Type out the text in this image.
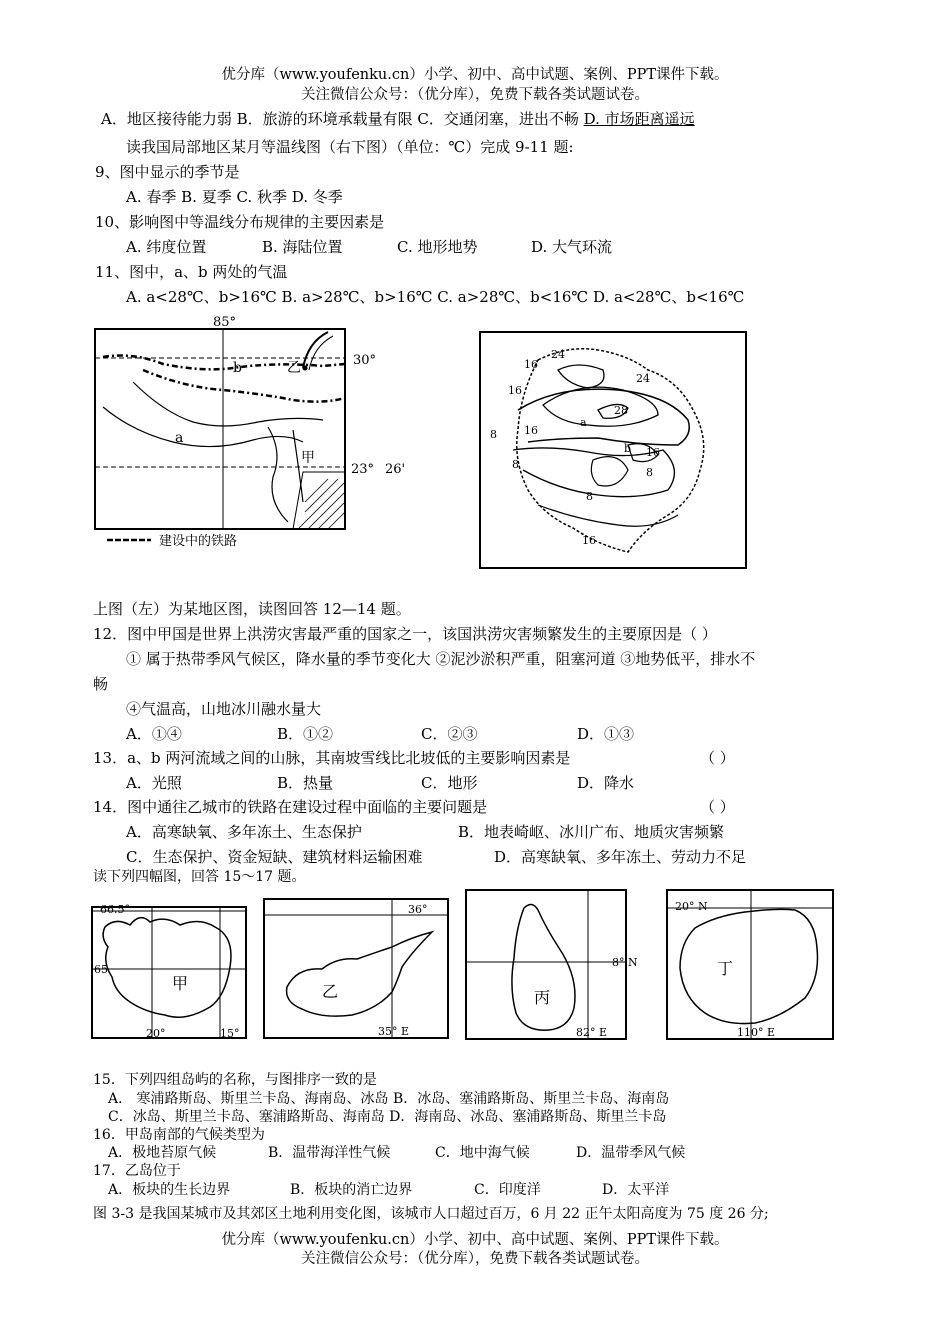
优分库（www.youfenku.cn）小学、初中、高中试题、案例、PPT课件下载。
关注微信公众号：（优分库），免费下载各类试题试卷。
A．地区接待能力弱 B．旅游的环境承载量有限 C．交通闭塞，进出不畅 D. 市场距离遥远
读我国局部地区某月等温线图（右下图）（单位：℃）完成 9-11 题:
9、图中显示的季节是
A. 春季 B. 夏季 C. 秋季 D. 冬季
10、影响图中等温线分布规律的主要因素是
A. 纬度位置	B. 海陆位置	C. 地形地势	D. 大气环流
11、图中，a、b 两处的气温
A. a<28℃、b>16℃ B. a>28℃、b>16℃ C. a>28℃、b<16℃ D. a<28℃、b<16℃
85°
30°
23° 26'
b
a
乙
甲
建设中的铁路
24
16
16
24
28
a
16
8
b
16
8
8
8
16
上图（左）为某地区图，读图回答 12—14 题。
12．图中甲国是世界上洪涝灾害最严重的国家之一，该国洪涝灾害频繁发生的主要原因是（ ）
① 属于热带季风气候区，降水量的季节变化大 ②泥沙淤积严重，阻塞河道 ③地势低平，排水不
畅
④气温高，山地冰川融水量大
A．①④	B．①②	C．②③	D．①③
13．a、b 两河流域之间的山脉，其南坡雪线比北坡低的主要影响因素是	（ ）
A．光照	B．热量	C．地形	D．降水
14．图中通往乙城市的铁路在建设过程中面临的主要问题是	（ ）
A．高寒缺氧、多年冻土、生态保护	B．地表崎岖、冰川广布、地质灾害频繁
C．生态保护、资金短缺、建筑材料运输困难	D．高寒缺氧、多年冻土、劳动力不足
读下列四幅图，回答 15～17 题。
66.5°
65
20°	15°
甲
36°
35° E
乙
8° N
82° E
丙
20° N
110° E
丁
15．下列四组岛屿的名称，与图排序一致的是
A． 寒浦路斯岛、斯里兰卡岛、海南岛、冰岛 B．冰岛、塞浦路斯岛、斯里兰卡岛、海南岛
C．冰岛、斯里兰卡岛、塞浦路斯岛、海南岛 D．海南岛、冰岛、塞浦路斯岛、斯里兰卡岛
16．甲岛南部的气候类型为
A．极地苔原气候	B．温带海洋性气候	C．地中海气候	D．温带季风气候
17．乙岛位于
A．板块的生长边界	B．板块的消亡边界	C．印度洋	D．太平洋
图 3-3 是我国某城市及其郊区土地利用变化图，该城市人口超过百万，6 月 22 正午太阳高度为 75 度 26 分;
优分库（www.youfenku.cn）小学、初中、高中试题、案例、PPT课件下载。
关注微信公众号：（优分库），免费下载各类试题试卷。
